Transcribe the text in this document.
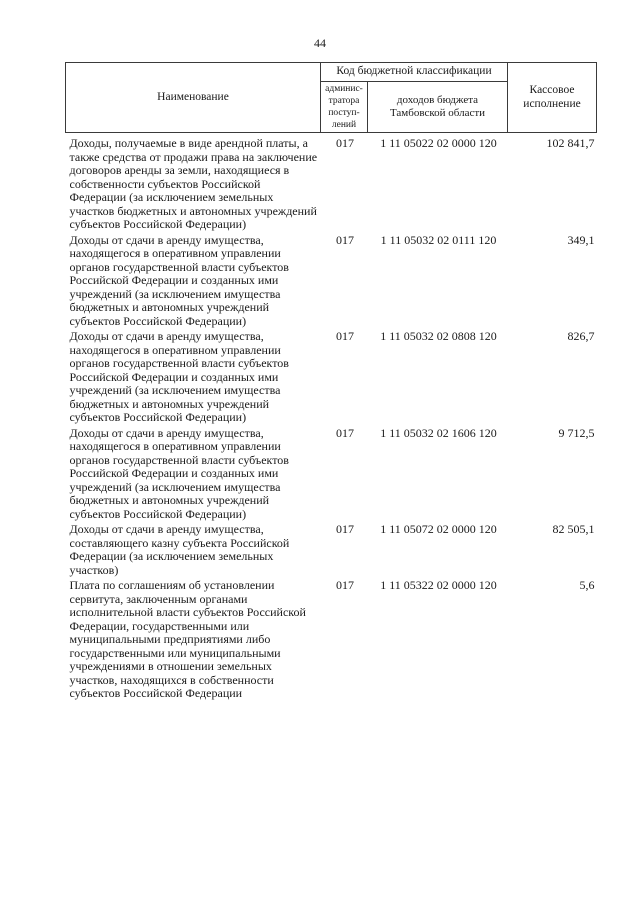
44
Наименование	Код бюджетной классификации		Кассовое исполнение
	админис-тратора поступ-лений	доходов бюджета Тамбовской области	
Доходы, получаемые в виде арендной платы, а также средства от продажи права на заключение договоров аренды за земли, находящиеся в собственности субъектов Российской Федерации (за исключением земельных участков бюджетных и автономных учреждений субъектов Российской Федерации)	017	1 11 05022 02 0000 120	102 841,7
Доходы от сдачи в аренду имущества, находящегося в оперативном управлении органов государственной власти субъектов Российской Федерации и созданных ими учреждений (за исключением имущества бюджетных и автономных учреждений субъектов Российской Федерации)	017	1 11 05032 02 0111 120	349,1
Доходы от сдачи в аренду имущества, находящегося в оперативном управлении органов государственной власти субъектов Российской Федерации и созданных ими учреждений (за исключением имущества бюджетных и автономных учреждений субъектов Российской Федерации)	017	1 11 05032 02 0808 120	826,7
Доходы от сдачи в аренду имущества, находящегося в оперативном управлении органов государственной власти субъектов Российской Федерации и созданных ими учреждений (за исключением имущества бюджетных и автономных учреждений субъектов Российской Федерации)	017	1 11 05032 02 1606 120	9 712,5
Доходы от сдачи в аренду имущества, составляющего казну субъекта Российской Федерации (за исключением земельных участков)	017	1 11 05072 02 0000 120	82 505,1
Плата по соглашениям об установлении сервитута, заключенным органами исполнительной власти субъектов Российской Федерации, государственными или муниципальными предприятиями либо государственными или муниципальными учреждениями в отношении земельных участков, находящихся в собственности субъектов Российской Федерации	017	1 11 05322 02 0000 120	5,6
